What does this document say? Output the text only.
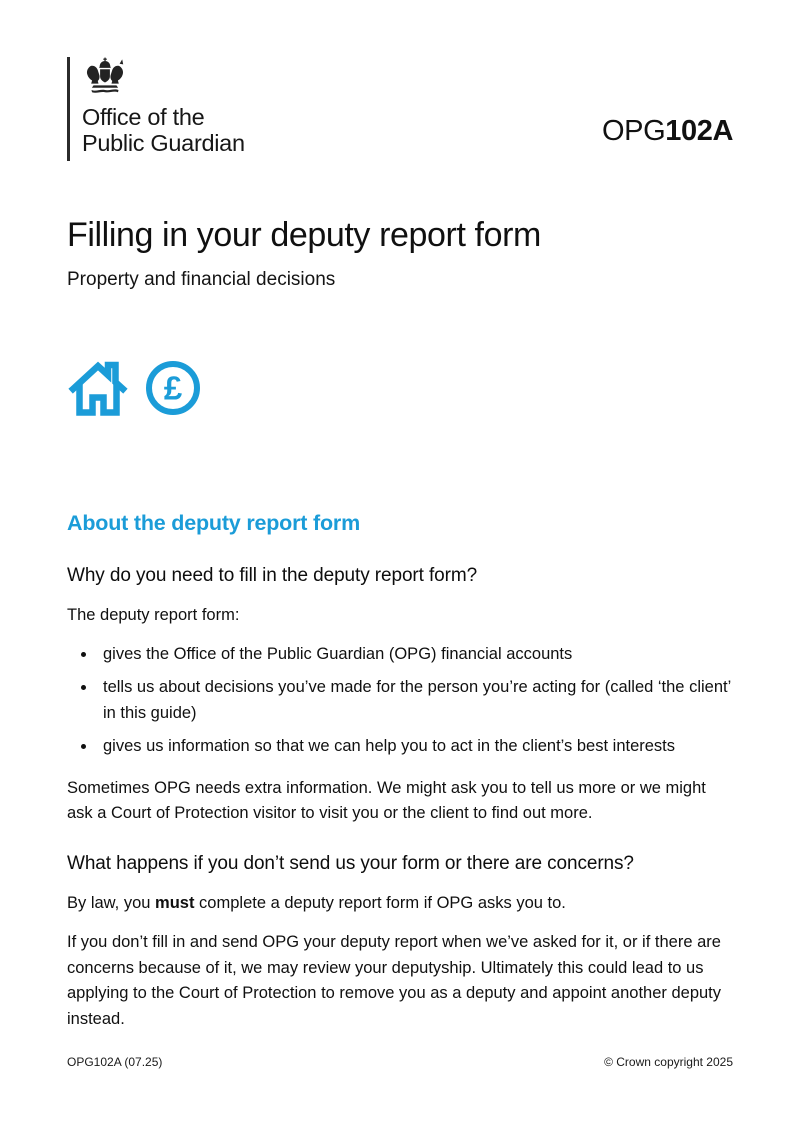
Office of the
Public Guardian	OPG102A
Filling in your deputy report form
Property and financial decisions
£
About the deputy report form
Why do you need to fill in the deputy report form?

The deputy report form:

• gives the Office of the Public Guardian (OPG) financial accounts
• tells us about decisions you’ve made for the person you’re acting for (called ‘the client’ in this guide)
• gives us information so that we can help you to act in the client’s best interests

Sometimes OPG needs extra information. We might ask you to tell us more or we might ask a Court of Protection visitor to visit you or the client to find out more.

What happens if you don’t send us your form or there are concerns?

By law, you must complete a deputy report form if OPG asks you to.

If you don’t fill in and send OPG your deputy report when we’ve asked for it, or if there are concerns because of it, we may review your deputyship. Ultimately this could lead to us applying to the Court of Protection to remove you as a deputy and appoint another deputy instead.

OPG102A (07.25)	© Crown copyright 2025
